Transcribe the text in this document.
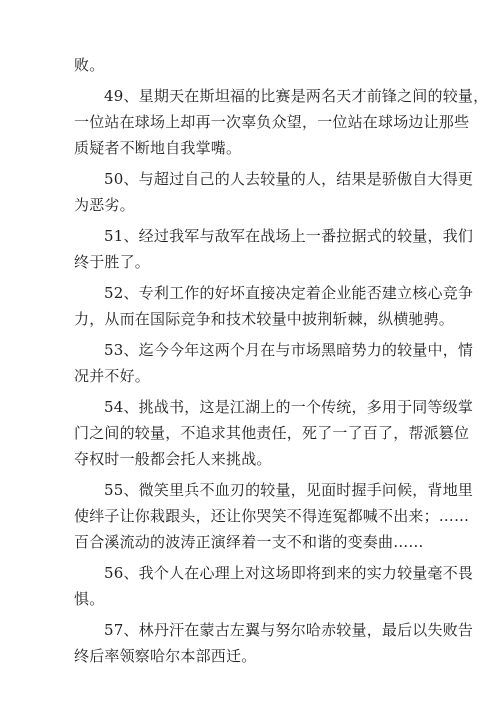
败。

49、星期天在斯坦福的比赛是两名天才前锋之间的较量，
一位站在球场上却再一次辜负众望，一位站在球场边让那些
质疑者不断地自我掌嘴。

50、与超过自己的人去较量的人，结果是骄傲自大得更
为恶劣。

51、经过我军与敌军在战场上一番拉据式的较量，我们
终于胜了。

52、专利工作的好坏直接决定着企业能否建立核心竞争
力，从而在国际竞争和技术较量中披荆斩棘，纵横驰骋。

53、迄今今年这两个月在与市场黑暗势力的较量中，情
况并不好。

54、挑战书，这是江湖上的一个传统，多用于同等级掌
门之间的较量，不追求其他责任，死了一了百了，帮派篡位
夺权时一般都会托人来挑战。

55、微笑里兵不血刃的较量，见面时握手问候，背地里
使绊子让你栽跟头，还让你哭笑不得连冤都喊不出来；……
百合溪流动的波涛正演绎着一支不和谐的变奏曲……

56、我个人在心理上对这场即将到来的实力较量毫不畏
惧。

57、林丹汗在蒙古左翼与努尔哈赤较量，最后以失败告
终后率领察哈尔本部西迁。
